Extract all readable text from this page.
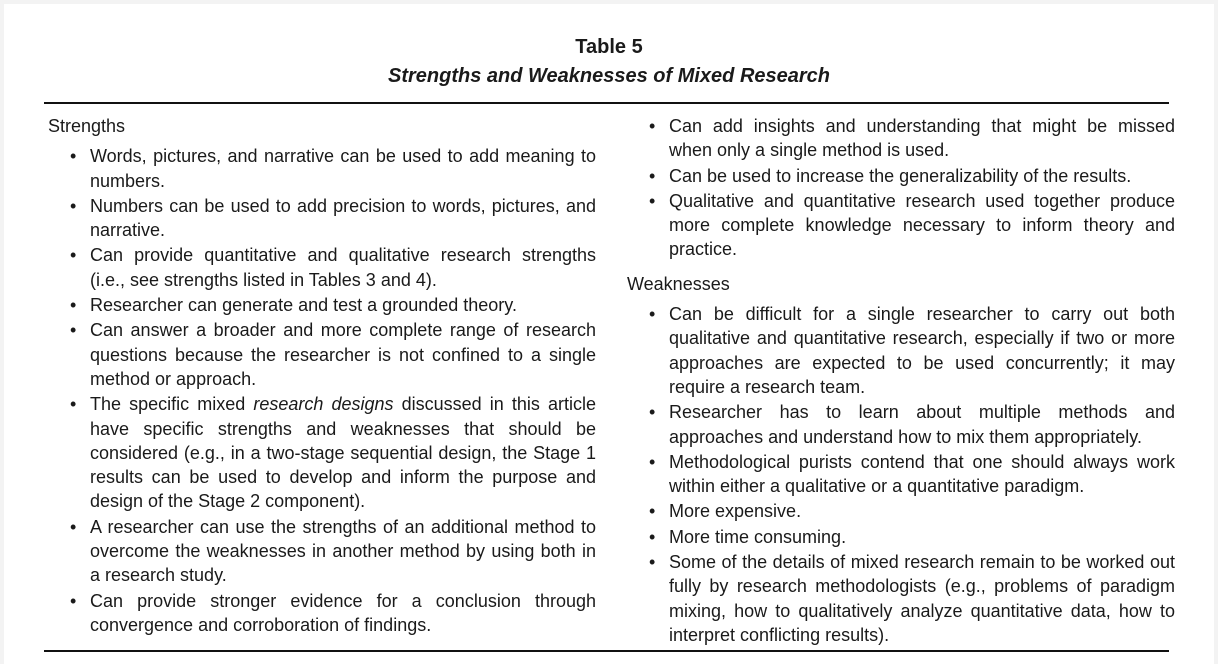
Table 5
Strengths and Weaknesses of Mixed Research
Strengths
• Words, pictures, and narrative can be used to add meaning to numbers.
• Numbers can be used to add precision to words, pictures, and narrative.
• Can provide quantitative and qualitative research strengths (i.e., see strengths listed in Tables 3 and 4).
• Researcher can generate and test a grounded theory.
• Can answer a broader and more complete range of research questions because the researcher is not confined to a single method or approach.
• The specific mixed research designs discussed in this article have specific strengths and weaknesses that should be considered (e.g., in a two-stage sequential design, the Stage 1 results can be used to develop and inform the purpose and design of the Stage 2 component).
• A researcher can use the strengths of an additional method to overcome the weaknesses in another method by using both in a research study.
• Can provide stronger evidence for a conclusion through convergence and corroboration of findings.
• Can add insights and understanding that might be missed when only a single method is used.
• Can be used to increase the generalizability of the results.
• Qualitative and quantitative research used together produce more complete knowledge necessary to inform theory and practice.
Weaknesses
• Can be difficult for a single researcher to carry out both qualitative and quantitative research, especially if two or more approaches are expected to be used concurrently; it may require a research team.
• Researcher has to learn about multiple methods and approaches and understand how to mix them appropriately.
• Methodological purists contend that one should always work within either a qualitative or a quantitative paradigm.
• More expensive.
• More time consuming.
• Some of the details of mixed research remain to be worked out fully by research methodologists (e.g., problems of paradigm mixing, how to qualitatively analyze quantitative data, how to interpret conflicting results).
